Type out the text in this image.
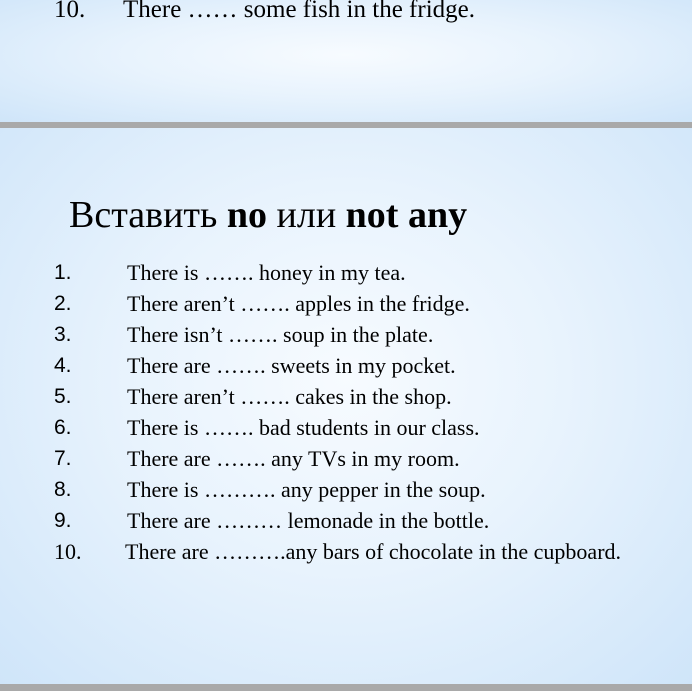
10. There …… some fish in the fridge.
Вставить no или not any
1.	There is ……. honey in my tea.
2.	There aren’t ……. apples in the fridge.
3.	There isn’t ……. soup in the plate.
4.	There are ……. sweets in my pocket.
5.	There aren’t ……. cakes in the shop.
6.	There is ……. bad students in our class.
7.	There are ……. any TVs in my room.
8.	There is ………. any pepper in the soup.
9.	There are ……… lemonade in the bottle.
10. There are ……….any bars of chocolate in the cupboard.
